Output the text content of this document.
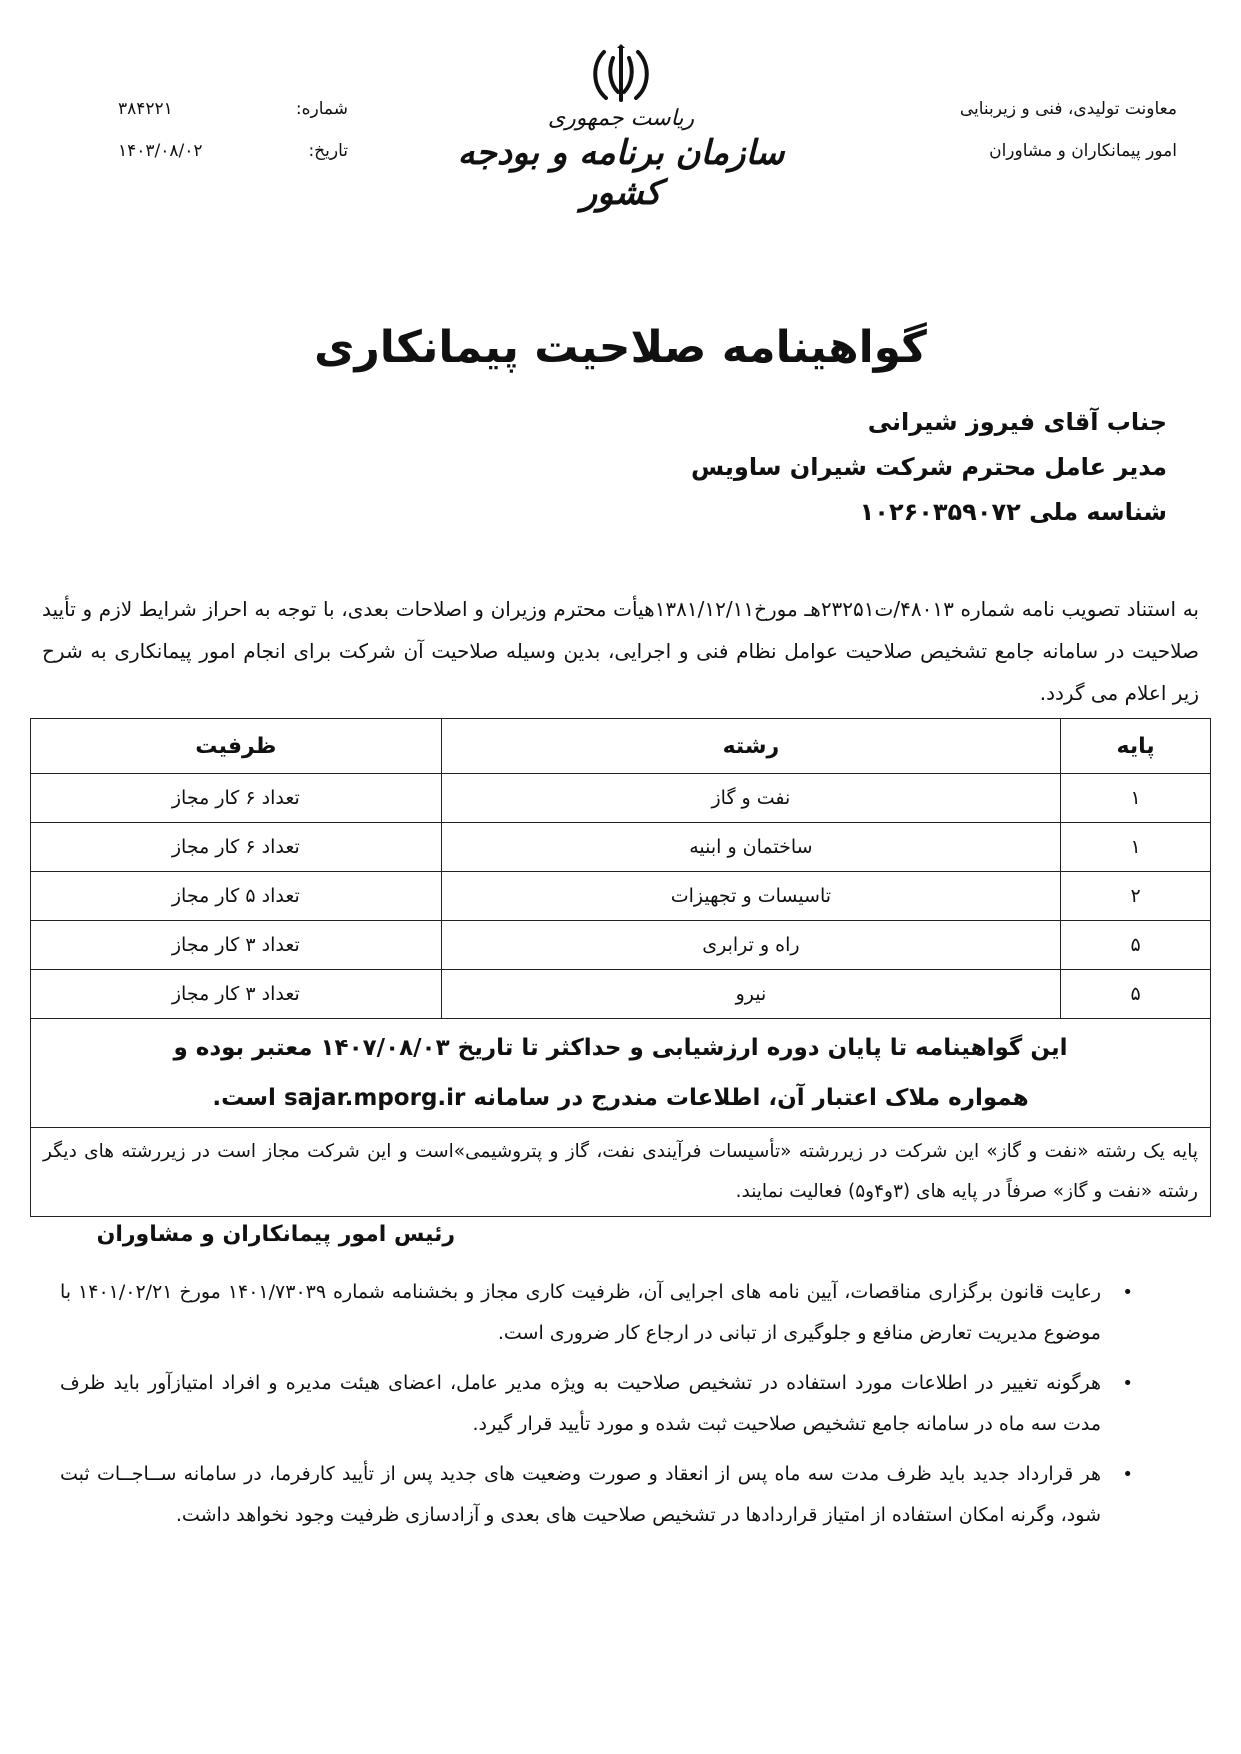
معاونت تولیدی، فنی و زیربنایی
امور پیمانکاران و مشاوران
شماره:
۳۸۴۲۲۱
تاریخ:
۱۴۰۳/۰۸/۰۲
ریاست جمهوری
سازمان برنامه و بودجه کشور
گواهینامه صلاحیت پیمانکاری
جناب آقای فیروز شیرانی
مدیر عامل محترم شرکت شیران ساویس
شناسه ملی ۱۰۲۶۰۳۵۹۰۷۲
به استناد تصویب نامه شماره ۴۸۰۱۳/ت۲۳۲۵۱هـ مورخ۱۳۸۱/۱۲/۱۱هیأت محترم وزیران و اصلاحات بعدی، با توجه به احراز شرایط لازم و تأیید صلاحیت در سامانه جامع تشخیص صلاحیت عوامل نظام فنی و اجرایی، بدین وسیله صلاحیت آن شرکت برای انجام امور پیمانکاری به شرح زیر اعلام می گردد.
پایه	رشته	ظرفیت
۱	نفت و گاز	تعداد ۶ کار مجاز
۱	ساختمان و ابنیه	تعداد ۶ کار مجاز
۲	تاسیسات و تجهیزات	تعداد ۵ کار مجاز
۵	راه و ترابری	تعداد ۳ کار مجاز
۵	نیرو	تعداد ۳ کار مجاز

این گواهینامه تا پایان دوره ارزشیابی و حداکثر تا تاریخ ۱۴۰۷/۰۸/۰۳ معتبر بوده و
همواره ملاک اعتبار آن، اطلاعات مندرج در سامانه sajar.mporg.ir است.		

پایه یک رشته «نفت و گاز» این شرکت در زیررشته «تأسیسات فرآیندی نفت، گاز و پتروشیمی»است و این شرکت مجاز است در زیررشته های دیگر رشته «نفت و گاز» صرفاً در پایه های (۳و۴و۵) فعالیت نمایند.		
رئیس امور پیمانکاران و مشاوران
•
رعایت قانون برگزاری مناقصات، آیین نامه های اجرایی آن، ظرفیت کاری مجاز و بخشنامه شماره ۱۴۰۱/۷۳۰۳۹ مورخ ۱۴۰۱/۰۲/۲۱ با موضوع مدیریت تعارض منافع و جلوگیری از تبانی در ارجاع کار ضروری است.
•
هرگونه تغییر در اطلاعات مورد استفاده در تشخیص صلاحیت به ویژه مدیر عامل، اعضای هیئت مدیره و افراد امتیازآور باید ظرف مدت سه ماه در سامانه جامع تشخیص صلاحیت ثبت شده و مورد تأیید قرار گیرد.
•
هر قرارداد جدید باید ظرف مدت سه ماه پس از انعقاد و صورت وضعیت های جدید پس از تأیید کارفرما، در سامانه ســاجــات ثبت شود، وگرنه امکان استفاده از امتیاز قراردادها در تشخیص صلاحیت های بعدی و آزادسازی ظرفیت وجود نخواهد داشت.
